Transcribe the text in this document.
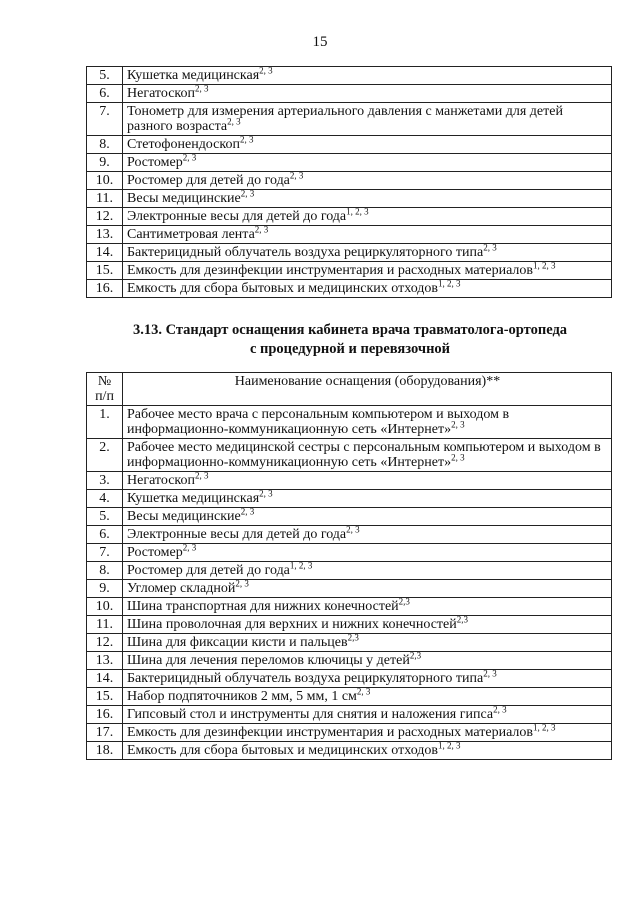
15
5.	Кушетка медицинская$^{2, 3}$
6.	Негатоскоп$^{2, 3}$
7.	Тонометр для измерения артериального давления с манжетами для детей разного возраста$^{2, 3}$
8.	Стетофонендоскоп$^{2, 3}$
9.	Ростомер$^{2, 3}$
10.	Ростомер для детей до года$^{2, 3}$
11.	Весы медицинские$^{2, 3}$
12.	Электронные весы для детей до года$^{1, 2, 3}$
13.	Сантиметровая лента$^{2, 3}$
14.	Бактерицидный облучатель воздуха рециркуляторного типа$^{2, 3}$
15.	Емкость для дезинфекции инструментария и расходных материалов$^{1, 2, 3}$
16.	Емкость для сбора бытовых и медицинских отходов$^{1, 2, 3}$
3.13. Стандарт оснащения кабинета врача травматолога-ортопеда
с процедурной и перевязочной
№
п/п	Наименование оснащения (оборудования)**
1.	Рабочее место врача с персональным компьютером и выходом в информационно-коммуникационную сеть «Интернет»$^{2, 3}$
2.	Рабочее место медицинской сестры с персональным компьютером и выходом в информационно-коммуникационную сеть «Интернет»$^{2, 3}$
3.	Негатоскоп$^{2, 3}$
4.	Кушетка медицинская$^{2, 3}$
5.	Весы медицинские$^{2, 3}$
6.	Электронные весы для детей до года$^{2, 3}$
7.	Ростомер$^{2, 3}$
8.	Ростомер для детей до года$^{1, 2, 3}$
9.	Угломер складной$^{2, 3}$
10.	Шина транспортная для нижних конечностей$^{2,3}$
11.	Шина проволочная для верхних и нижних конечностей$^{2,3}$
12.	Шина для фиксации кисти и пальцев$^{2,3}$
13.	Шина для лечения переломов ключицы у детей$^{2,3}$
14.	Бактерицидный облучатель воздуха рециркуляторного типа$^{2, 3}$
15.	Набор подпяточников 2 мм, 5 мм, 1 см$^{2, 3}$
16.	Гипсовый стол и инструменты для снятия и наложения гипса$^{2, 3}$
17.	Емкость для дезинфекции инструментария и расходных материалов$^{1, 2, 3}$
18.	Емкость для сбора бытовых и медицинских отходов$^{1, 2, 3}$
